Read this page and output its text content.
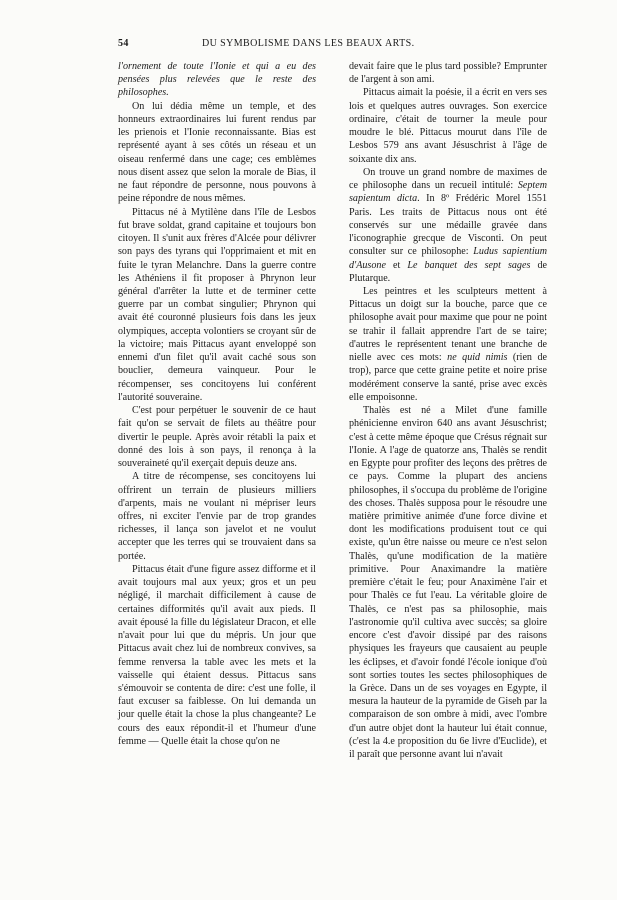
54	DU SYMBOLISME DANS LES BEAUX ARTS.

l'ornement de toute l'Ionie et qui a eu des pensées plus relevées que le reste des philosophes.

On lui dédia même un temple, et des honneurs extraordinaires lui furent rendus par les prienois et l'Ionie reconnaissante. Bias est représenté ayant à ses côtés un réseau et un oiseau renfermé dans une cage; ces emblèmes nous disent assez que selon la morale de Bias, il ne faut répondre de personne, nous pouvons à peine répondre de nous mêmes.

Pittacus né à Mytilène dans l'île de Lesbos fut brave soldat, grand capitaine et toujours bon citoyen. Il s'unit aux frères d'Alcée pour délivrer son pays des tyrans qui l'opprimaient et mit en fuite le tyran Melanchre. Dans la guerre contre les Athéniens il fit proposer à Phrynon leur général d'arrêter la lutte et de terminer cette guerre par un combat singulier; Phrynon qui avait été couronné plusieurs fois dans les jeux olympiques, accepta volontiers se croyant sûr de la victoire; mais Pittacus ayant enveloppé son ennemi d'un filet qu'il avait caché sous son bouclier, demeura vainqueur. Pour le récompenser, ses concitoyens lui conférent l'autorité souveraine.

C'est pour perpétuer le souvenir de ce haut fait qu'on se servait de filets au théâtre pour divertir le peuple. Après avoir rétabli la paix et donné des lois à son pays, il renonça à la souveraineté qu'il exerçait depuis deuze ans.

A titre de récompense, ses concitoyens lui offrirent un terrain de plusieurs milliers d'arpents, mais ne voulant ni mépriser leurs offres, ni exciter l'envie par de trop grandes richesses, il lança son javelot et ne voulut accepter que les terres qui se trouvaient dans sa portée.

Pittacus était d'une figure assez difforme et il avait toujours mal aux yeux; gros et un peu négligé, il marchait difficilement à cause de certaines difformités qu'il avait aux pieds. Il avait épousé la fille du législateur Dracon, et elle n'avait pour lui que du mépris. Un jour que Pittacus avait chez lui de nombreux convives, sa femme renversa la table avec les mets et la vaisselle qui étaient dessus. Pittacus sans s'émouvoir se contenta de dire: c'est une folle, il faut excuser sa faiblesse. On lui demanda un jour quelle était la chose la plus changeante? Le cours des eaux répondit-il et l'humeur d'une femme — Quelle était la chose qu'on ne

devait faire que le plus tard possible? Emprunter de l'argent à son ami.

Pittacus aimait la poésie, il a écrit en vers ses lois et quelques autres ouvrages. Son exercice ordinaire, c'était de tourner la meule pour moudre le blé. Pittacus mourut dans l'île de Lesbos 579 ans avant Jésuschrist à l'âge de soixante dix ans.

On trouve un grand nombre de maximes de ce philosophe dans un recueil intitulé: Septem sapientum dicta. In 8º Frédéric Morel 1551 Paris. Les traits de Pittacus nous ont été conservés sur une médaille gravée dans l'iconographie grecque de Visconti. On peut consulter sur ce philosophe: Ludus sapientium d'Ausone et Le banquet des sept sages de Plutarque.

Les peintres et les sculpteurs mettent à Pittacus un doigt sur la bouche, parce que ce philosophe avait pour maxime que pour ne point se trahir il fallait apprendre l'art de se taire; d'autres le représentent tenant une branche de nielle avec ces mots: ne quid nimis (rien de trop), parce que cette graine petite et noire prise modérément conserve la santé, prise avec excès elle empoisonne.

Thalès est né a Milet d'une famille phénicienne environ 640 ans avant Jésuschrist; c'est à cette même époque que Crésus régnait sur l'Ionie. A l'age de quatorze ans, Thalès se rendit en Egypte pour profiter des leçons des prêtres de ce pays. Comme la plupart des anciens philosophes, il s'occupa du problème de l'origine des choses. Thalès supposa pour le résoudre une matière primitive animée d'une force divine et dont les modifications produisent tout ce qui existe, qu'un être naisse ou meure ce n'est selon Thalès, qu'une modification de la matière primitive. Pour Anaximandre la matière première c'était le feu; pour Anaximène l'air et pour Thalès ce fut l'eau. La véritable gloire de Thalès, ce n'est pas sa philosophie, mais l'astronomie qu'il cultiva avec succès; sa gloire encore c'est d'avoir dissipé par des raisons physiques les frayeurs que causaient au peuple les éclipses, et d'avoir fondé l'école ionique d'où sont sorties toutes les sectes philosophiques de la Grèce. Dans un de ses voyages en Egypte, il mesura la hauteur de la pyramide de Giseh par la comparaison de son ombre à midi, avec l'ombre d'un autre objet dont la hauteur lui était connue, (c'est la 4.e proposition du 6e livre d'Euclide), et il paraît que personne avant lui n'avait
